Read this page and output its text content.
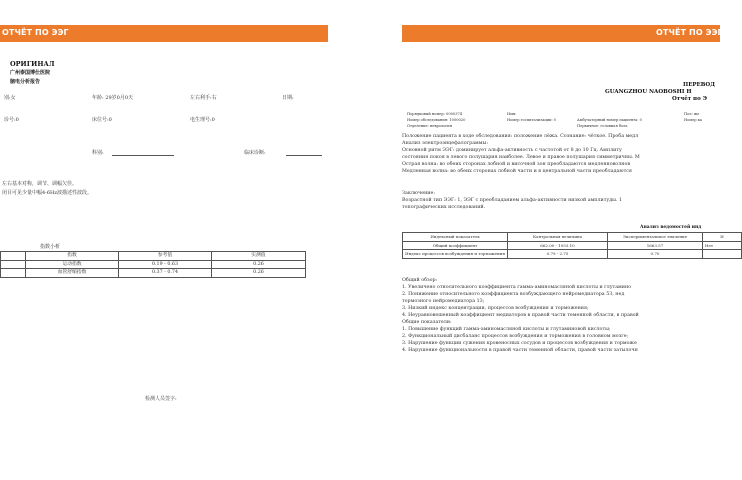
ОТЧЁТ ПО ЭЭГ
ОРИГИНАЛ
广州泰国博仕医院
脑电分析报告
别:女	年龄: 29岁0月0天	左右利手:右	日期:
诊号:0	床位号:0	电生理号:0
科别:	临床诊断:
左右基本对称，调节、调幅欠佳。
闭目可见少量中幅4-6Hz波描述性波段。
指数小析
	指数	参考值	实测值
	运动指数	0.19 - 0.63	0.26
	血管舒缩指数	0.37 - 0.74	0.26
检测人员签字:
ОТЧЁТ ПО ЭЭГ
ПЕРЕВОД
GUANGZHOU NAOBOSHI H
Отчёт по Э
Порядковый номер: 0000374	Имя:	Пол: же
Номер обследования: 1000020	Номер госпитализации: 0	Амбулаторный номер пациента: 0	Номер ка
Отделение: неврология	Первичное: головная боль
Положение пациента в ходе обследования: положение лёжа. Сознание: чёткое. Проба медл
Анализ электроэнцефалограммы:
Основной ритм ЭЭГ: доминирует альфа-активность с частотой от 8 до 10 Гц. Амплиту
состояния покоя в левого полушария наиболее. Левое и правое полушария симметричны. М
Острая волна: во обеих сторонах лобной и височной зон преобладаются медленноволнов
Медленная волна: во обеих сторонах лобной части и в центральной части преобладаются
Заключение:
Возрастной тип ЭЭГ: 1, ЭЭГ с преобладанием альфа-активности низкой амплитуды. 1
топографических исследований.
Анализ ведомостей инд
Индексный показатель	Контрольная величина	Экспериментальное значение	И
Общий коэффициент	662.00 - 1053.10	1663.57	Нет
Индекс процессов возбуждения и торможения	0.79 - 2.75	0.70	
Общий обзор:
1. Увеличено относительного коэффициента гамма-аминомасляной кислоты и глутамино
2. Понижение относительного коэффициента возбуждающего нейромедиатора 5З, нед
тормозного нейромедиатора 13;
3. Низкий индекс концентрации, процессов возбуждения и торможения;
4. Неуравновешенный коэффициент медиаторов в правой части теменной области, в правой
Общие показатели:
1. Повышение функций гамма-аминомасляной кислоты и глутаминовой кислоты;
2. Функциональный дисбаланс процессов возбуждения и торможения в головном мозге;
3. Нарушение функции сужения кровеносных сосудов и процессов возбуждения и торможе
4. Нарушение функциональности в правой части теменной области, правой части затылочн
